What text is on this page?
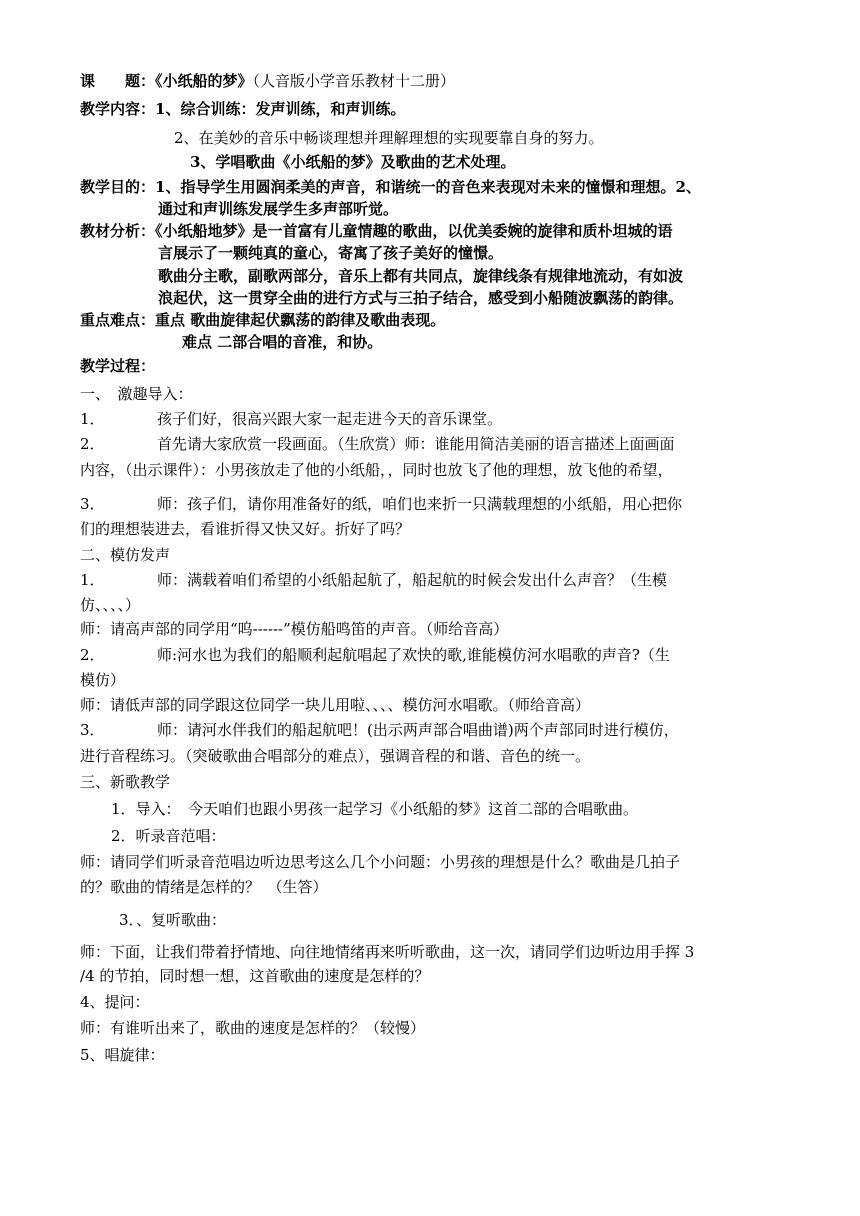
课　　题：《小纸船的梦》（人音版小学音乐教材十二册）
教学内容：1、综合训练：发声训练，和声训练。
2、在美妙的音乐中畅谈理想并理解理想的实现要靠自身的努力。
3、学唱歌曲《小纸船的梦》及歌曲的艺术处理。
教学目的：1、指导学生用圆润柔美的声音，和谐统一的音色来表现对未来的憧憬和理想。2、
通过和声训练发展学生多声部听觉。
教材分析：《小纸船地梦》是一首富有儿童情趣的歌曲，以优美委婉的旋律和质朴坦城的语
言展示了一颗纯真的童心，寄寓了孩子美好的憧憬。
歌曲分主歌，副歌两部分，音乐上都有共同点，旋律线条有规律地流动，有如波
浪起伏，这一贯穿全曲的进行方式与三拍子结合，感受到小船随波飘荡的韵律。
重点难点：重点 歌曲旋律起伏飘荡的韵律及歌曲表现。
难点 二部合唱的音准，和协。
教学过程：
一、　激趣导入：
1．　　　　孩子们好，很高兴跟大家一起走进今天的音乐课堂。
2．　　　　首先请大家欣赏一段画面。（生欣赏）师：谁能用简洁美丽的语言描述上面画面
内容，（出示课件）：小男孩放走了他的小纸船，，同时也放飞了他的理想，放飞他的希望，
3．　　　　师：孩子们，请你用准备好的纸，咱们也来折一只满载理想的小纸船，用心把你
们的理想装进去，看谁折得又快又好。折好了吗？
二、模仿发声
1．　　　　师：满载着咱们希望的小纸船起航了，船起航的时候会发出什么声音？（生模
仿、、、、）
师：请高声部的同学用“呜------”模仿船鸣笛的声音。（师给音高）
2．　　　　师:河水也为我们的船顺利起航唱起了欢快的歌,谁能模仿河水唱歌的声音?（生
模仿）
师：请低声部的同学跟这位同学一块儿用啦、、、、模仿河水唱歌。（师给音高）
3．　　　　师：请河水伴我们的船起航吧！(出示两声部合唱曲谱)两个声部同时进行模仿，
进行音程练习。（突破歌曲合唱部分的难点），强调音程的和谐、音色的统一。
三、新歌教学
　1．导入：　今天咱们也跟小男孩一起学习《小纸船的梦》这首二部的合唱歌曲。
　2．听录音范唱：
师：请同学们听录音范唱边听边思考这么几个小问题：小男孩的理想是什么？歌曲是几拍子
的？歌曲的情绪是怎样的？　（生答）
　3．、复听歌曲：
师：下面，让我们带着抒情地、向往地情绪再来听听歌曲，这一次，请同学们边听边用手挥 3
/4 的节拍，同时想一想，这首歌曲的速度是怎样的？
4、提问：
师：有谁听出来了，歌曲的速度是怎样的？（较慢）
5、唱旋律：
